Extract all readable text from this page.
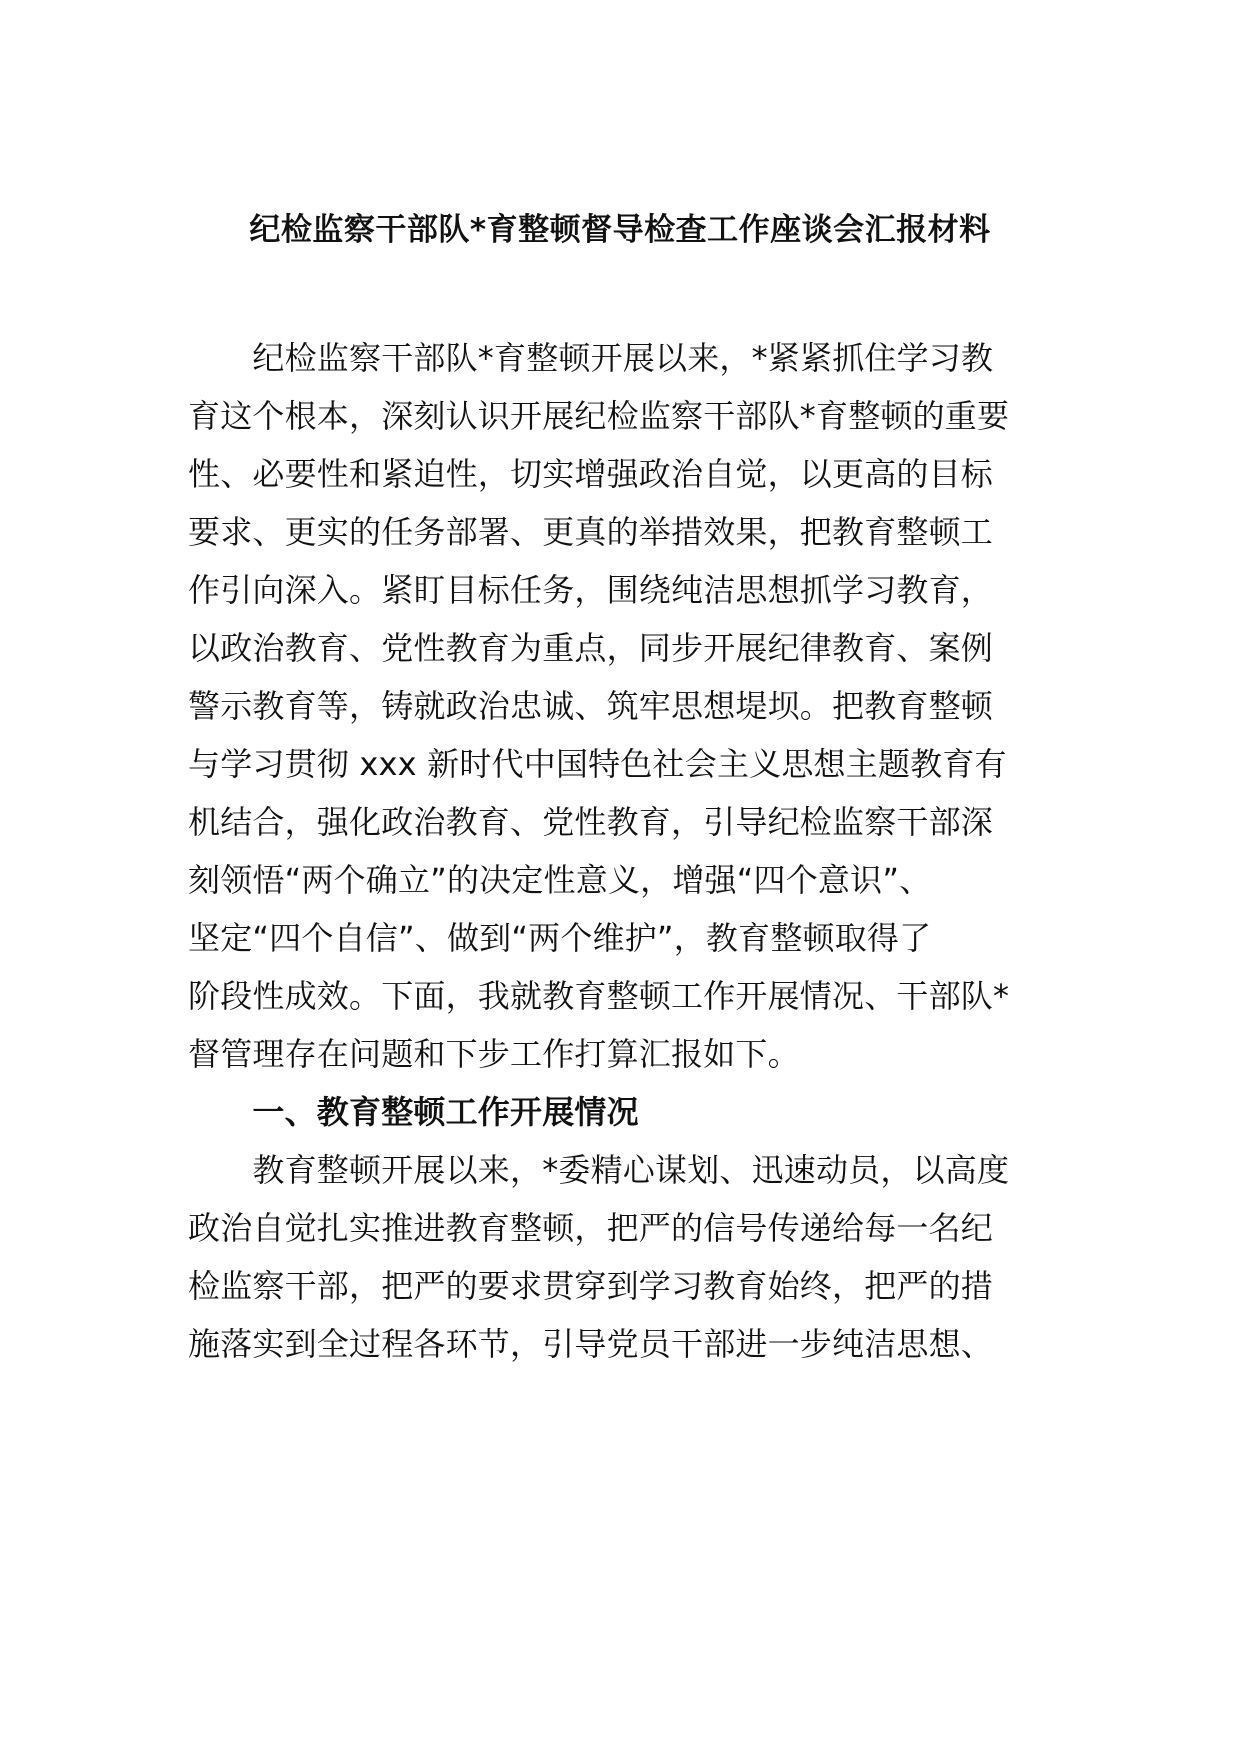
纪检监察干部队*育整顿督导检查工作座谈会汇报材料
　　纪检监察干部队*育整顿开展以来，*紧紧抓住学习教
育这个根本，深刻认识开展纪检监察干部队*育整顿的重要
性、必要性和紧迫性，切实增强政治自觉，以更高的目标
要求、更实的任务部署、更真的举措效果，把教育整顿工
作引向深入。紧盯目标任务，围绕纯洁思想抓学习教育，
以政治教育、党性教育为重点，同步开展纪律教育、案例
警示教育等，铸就政治忠诚、筑牢思想堤坝。把教育整顿
与学习贯彻 xxx 新时代中国特色社会主义思想主题教育有
机结合，强化政治教育、党性教育，引导纪检监察干部深
刻领悟“两个确立”的决定性意义，增强“四个意识”、
坚定“四个自信”、做到“两个维护”，教育整顿取得了
阶段性成效。下面，我就教育整顿工作开展情况、干部队*
督管理存在问题和下步工作打算汇报如下。
　　一、教育整顿工作开展情况
　　教育整顿开展以来，*委精心谋划、迅速动员，以高度
政治自觉扎实推进教育整顿，把严的信号传递给每一名纪
检监察干部，把严的要求贯穿到学习教育始终，把严的措
施落实到全过程各环节，引导党员干部进一步纯洁思想、
